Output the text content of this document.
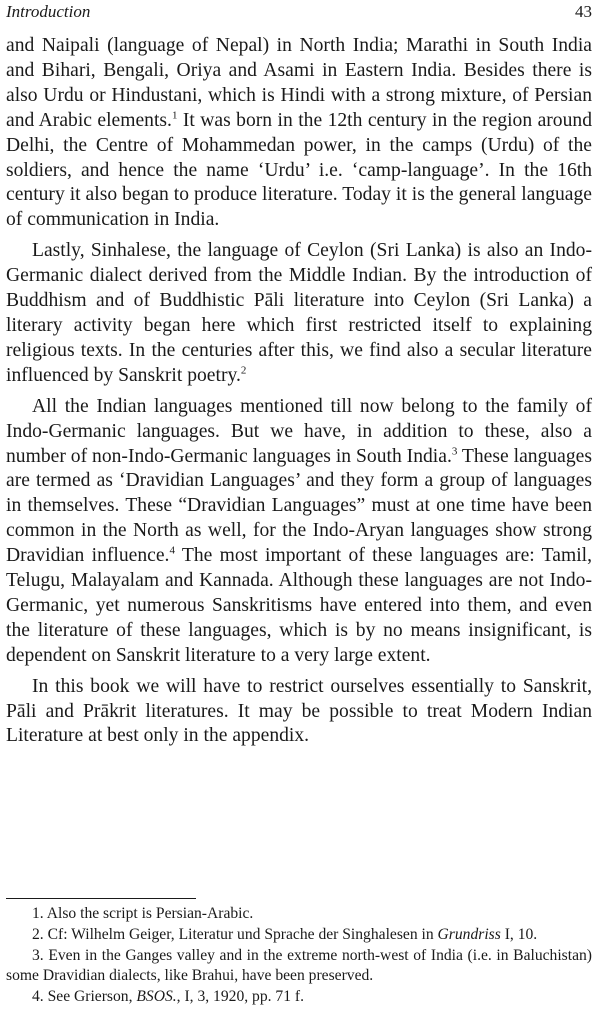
Introduction	43

and Naipali (language of Nepal) in North India; Marathi in South India and Bihari, Bengali, Oriya and Asami in Eastern India. Besides there is also Urdu or Hindustani, which is Hindi with a strong mixture, of Persian and Arabic elements.$^1$ It was born in the 12th century in the region around Delhi, the Centre of Mohammedan power, in the camps (Urdu) of the soldiers, and hence the name ‘Urdu’ i.e. ‘camp-language’. In the 16th century it also began to produce literature. Today it is the general language of communication in India.

Lastly, Sinhalese, the language of Ceylon (Sri Lanka) is also an Indo-Germanic dialect derived from the Middle Indian. By the introduction of Buddhism and of Buddhistic Pāli literature into Ceylon (Sri Lanka) a literary activity began here which first restricted itself to explaining religious texts. In the centuries after this, we find also a secular literature influenced by Sanskrit poetry.$^2$

All the Indian languages mentioned till now belong to the family of Indo-Germanic languages. But we have, in addition to these, also a number of non-Indo-Germanic languages in South India.$^3$ These languages are termed as ‘Dravidian Languages’ and they form a group of languages in themselves. These “Dravidian Languages” must at one time have been common in the North as well, for the Indo-Aryan languages show strong Dravidian influence.$^4$ The most important of these languages are: Tamil, Telugu, Malayalam and Kannada. Although these languages are not Indo-Germanic, yet numerous Sanskritisms have entered into them, and even the literature of these languages, which is by no means insignificant, is dependent on Sanskrit literature to a very large extent.

In this book we will have to restrict ourselves essentially to Sanskrit, Pāli and Prākrit literatures. It may be possible to treat Modern Indian Literature at best only in the appendix.

1. Also the script is Persian-Arabic.

2. Cf: Wilhelm Geiger, Literatur und Sprache der Singhalesen in Grundriss I, 10.

3. Even in the Ganges valley and in the extreme north-west of India (i.e. in Baluchistan) some Dravidian dialects, like Brahui, have been preserved.

4. See Grierson, BSOS., I, 3, 1920, pp. 71 f.
